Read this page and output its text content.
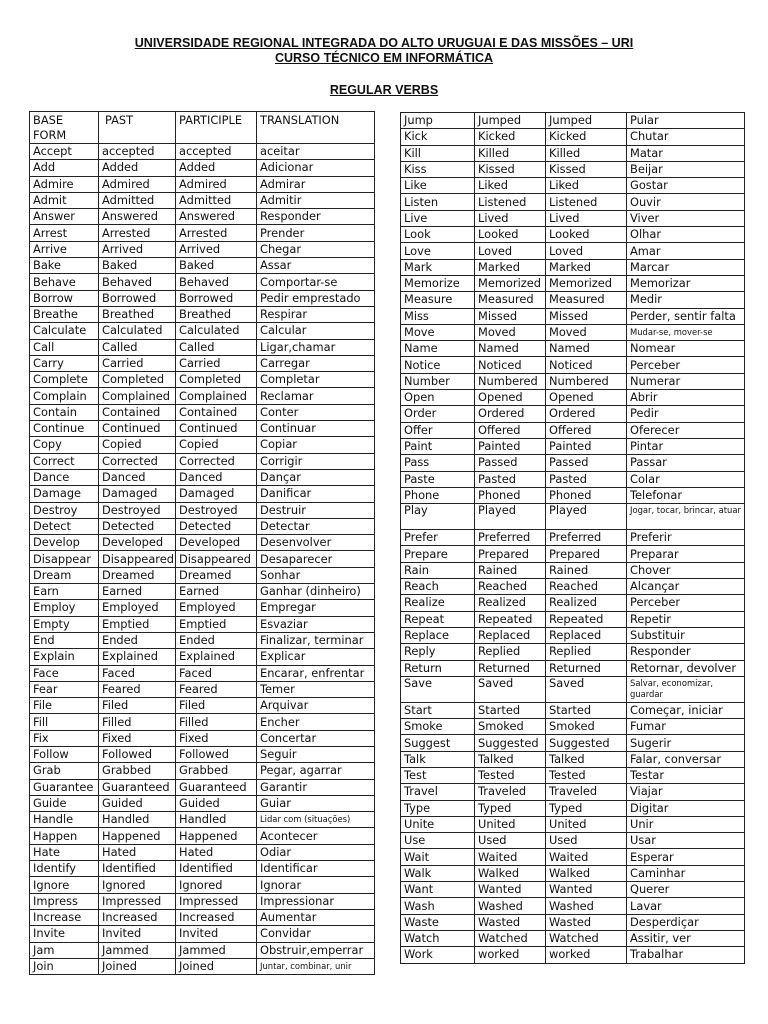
UNIVERSIDADE REGIONAL INTEGRADA DO ALTO URUGUAI E DAS MISSÕES – URI
CURSO TÉCNICO EM INFORMÁTICA
REGULAR VERBS
BASE FORM	PAST	PARTICIPLE	TRANSLATION
Accept	accepted	accepted	aceitar
Add	Added	Added	Adicionar
Admire	Admired	Admired	Admirar
Admit	Admitted	Admitted	Admitir
Answer	Answered	Answered	Responder
Arrest	Arrested	Arrested	Prender
Arrive	Arrived	Arrived	Chegar
Bake	Baked	Baked	Assar
Behave	Behaved	Behaved	Comportar-se
Borrow	Borrowed	Borrowed	Pedir emprestado
Breathe	Breathed	Breathed	Respirar
Calculate	Calculated	Calculated	Calcular
Call	Called	Called	Ligar,chamar
Carry	Carried	Carried	Carregar
Complete	Completed	Completed	Completar
Complain	Complained	Complained	Reclamar
Contain	Contained	Contained	Conter
Continue	Continued	Continued	Continuar
Copy	Copied	Copied	Copiar
Correct	Corrected	Corrected	Corrigir
Dance	Danced	Danced	Dançar
Damage	Damaged	Damaged	Danificar
Destroy	Destroyed	Destroyed	Destruir
Detect	Detected	Detected	Detectar
Develop	Developed	Developed	Desenvolver
Disappear	Disappeared	Disappeared	Desaparecer
Dream	Dreamed	Dreamed	Sonhar
Earn	Earned	Earned	Ganhar (dinheiro)
Employ	Employed	Employed	Empregar
Empty	Emptied	Emptied	Esvaziar
End	Ended	Ended	Finalizar, terminar
Explain	Explained	Explained	Explicar
Face	Faced	Faced	Encarar, enfrentar
Fear	Feared	Feared	Temer
File	Filed	Filed	Arquivar
Fill	Filled	Filled	Encher
Fix	Fixed	Fixed	Concertar
Follow	Followed	Followed	Seguir
Grab	Grabbed	Grabbed	Pegar, agarrar
Guarantee	Guaranteed	Guaranteed	Garantir
Guide	Guided	Guided	Guiar
Handle	Handled	Handled	Lidar com (situações)
Happen	Happened	Happened	Acontecer
Hate	Hated	Hated	Odiar
Identify	Identified	Identified	Identificar
Ignore	Ignored	Ignored	Ignorar
Impress	Impressed	Impressed	Impressionar
Increase	Increased	Increased	Aumentar
Invite	Invited	Invited	Convidar
Jam	Jammed	Jammed	Obstruir,emperrar
Join	Joined	Joined	Juntar, combinar, unir
Jump	Jumped	Jumped	Pular
Kick	Kicked	Kicked	Chutar
Kill	Killed	Killed	Matar
Kiss	Kissed	Kissed	Beijar
Like	Liked	Liked	Gostar
Listen	Listened	Listened	Ouvir
Live	Lived	Lived	Viver
Look	Looked	Looked	Olhar
Love	Loved	Loved	Amar
Mark	Marked	Marked	Marcar
Memorize	Memorized	Memorized	Memorizar
Measure	Measured	Measured	Medir
Miss	Missed	Missed	Perder, sentir falta
Move	Moved	Moved	Mudar-se, mover-se
Name	Named	Named	Nomear
Notice	Noticed	Noticed	Perceber
Number	Numbered	Numbered	Numerar
Open	Opened	Opened	Abrir
Order	Ordered	Ordered	Pedir
Offer	Offered	Offered	Oferecer
Paint	Painted	Painted	Pintar
Pass	Passed	Passed	Passar
Paste	Pasted	Pasted	Colar
Phone	Phoned	Phoned	Telefonar
Play	Played	Played	Jogar, tocar, brincar, atuar
Prefer	Preferred	Preferred	Preferir
Prepare	Prepared	Prepared	Preparar
Rain	Rained	Rained	Chover
Reach	Reached	Reached	Alcançar
Realize	Realized	Realized	Perceber
Repeat	Repeated	Repeated	Repetir
Replace	Replaced	Replaced	Substituir
Reply	Replied	Replied	Responder
Return	Returned	Returned	Retornar, devolver
Save	Saved	Saved	Salvar, economizar, guardar
Start	Started	Started	Começar, iniciar
Smoke	Smoked	Smoked	Fumar
Suggest	Suggested	Suggested	Sugerir
Talk	Talked	Talked	Falar, conversar
Test	Tested	Tested	Testar
Travel	Traveled	Traveled	Viajar
Type	Typed	Typed	Digitar
Unite	United	United	Unir
Use	Used	Used	Usar
Wait	Waited	Waited	Esperar
Walk	Walked	Walked	Caminhar
Want	Wanted	Wanted	Querer
Wash	Washed	Washed	Lavar
Waste	Wasted	Wasted	Desperdiçar
Watch	Watched	Watched	Assitir, ver
Work	worked	worked	Trabalhar
